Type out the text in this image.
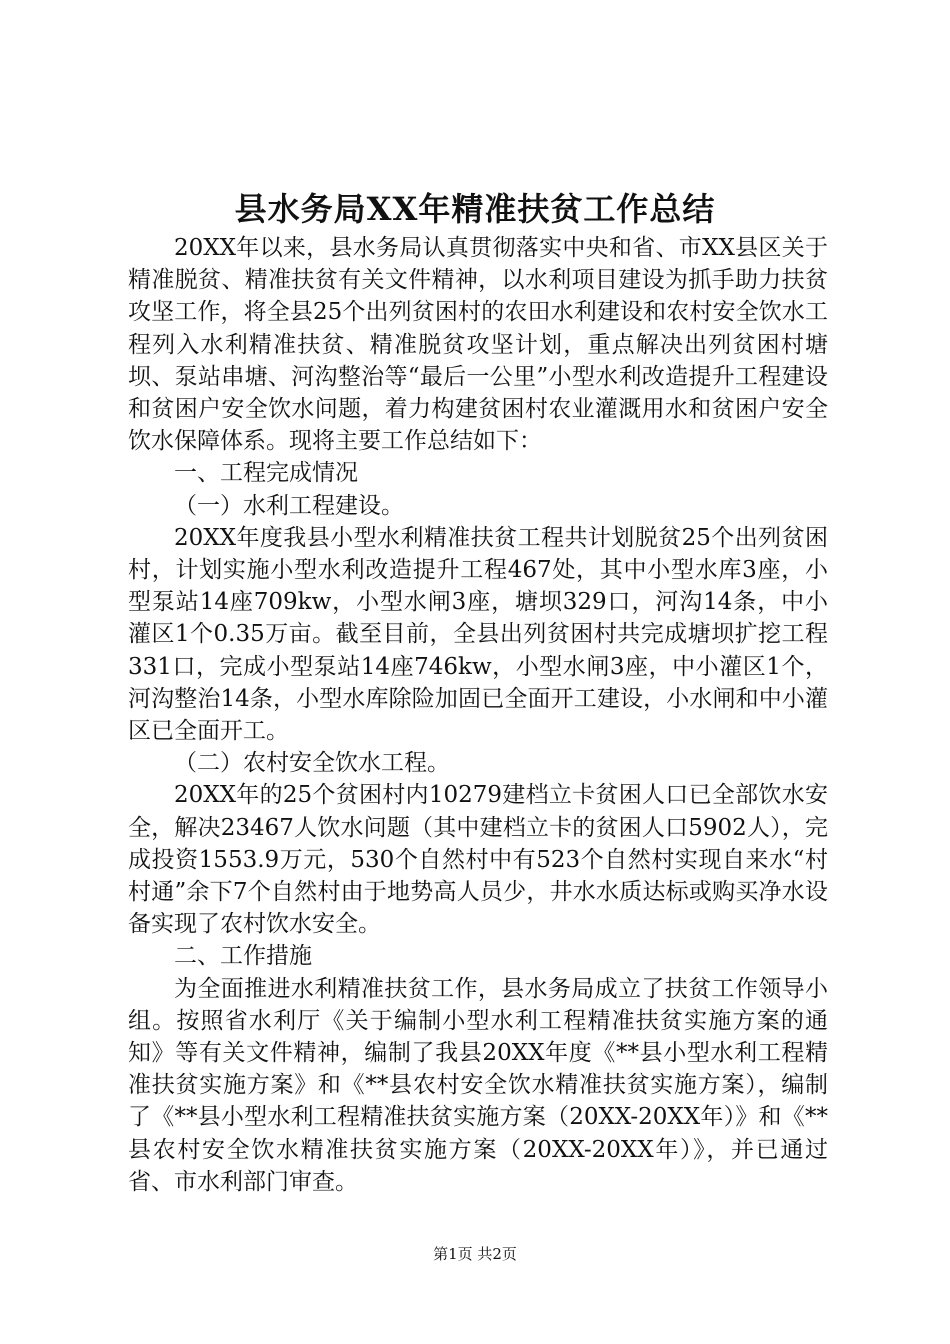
县水务局XX年精准扶贫工作总结

20XX年以来，县水务局认真贯彻落实中央和省、市XX县区关于精准脱贫、精准扶贫有关文件精神，以水利项目建设为抓手助力扶贫攻坚工作，将全县25个出列贫困村的农田水利建设和农村安全饮水工程列入水利精准扶贫、精准脱贫攻坚计划，重点解决出列贫困村塘坝、泵站串塘、河沟整治等“最后一公里”小型水利改造提升工程建设和贫困户安全饮水问题，着力构建贫困村农业灌溉用水和贫困户安全饮水保障体系。现将主要工作总结如下：

一、工程完成情况

（一）水利工程建设。

20XX年度我县小型水利精准扶贫工程共计划脱贫25个出列贫困村，计划实施小型水利改造提升工程467处，其中小型水库3座，小型泵站14座709kw，小型水闸3座，塘坝329口，河沟14条，中小灌区1个0.35万亩。截至目前，全县出列贫困村共完成塘坝扩挖工程331口，完成小型泵站14座746kw，小型水闸3座，中小灌区1个，河沟整治14条，小型水库除险加固已全面开工建设，小水闸和中小灌区已全面开工。

（二）农村安全饮水工程。

20XX年的25个贫困村内10279建档立卡贫困人口已全部饮水安全，解决23467人饮水问题（其中建档立卡的贫困人口5902人），完成投资1553.9万元，530个自然村中有523个自然村实现自来水“村村通”余下7个自然村由于地势高人员少，井水水质达标或购买净水设备实现了农村饮水安全。

二、工作措施

为全面推进水利精准扶贫工作，县水务局成立了扶贫工作领导小组。按照省水利厅《关于编制小型水利工程精准扶贫实施方案的通知》等有关文件精神，编制了我县20XX年度《**县小型水利工程精准扶贫实施方案》和《**县农村安全饮水精准扶贫实施方案），编制了《**县小型水利工程精准扶贫实施方案（20XX-20XX年）》和《**县农村安全饮水精准扶贫实施方案（20XX-20XX年）》，并已通过省、市水利部门审查。

第1页 共2页
